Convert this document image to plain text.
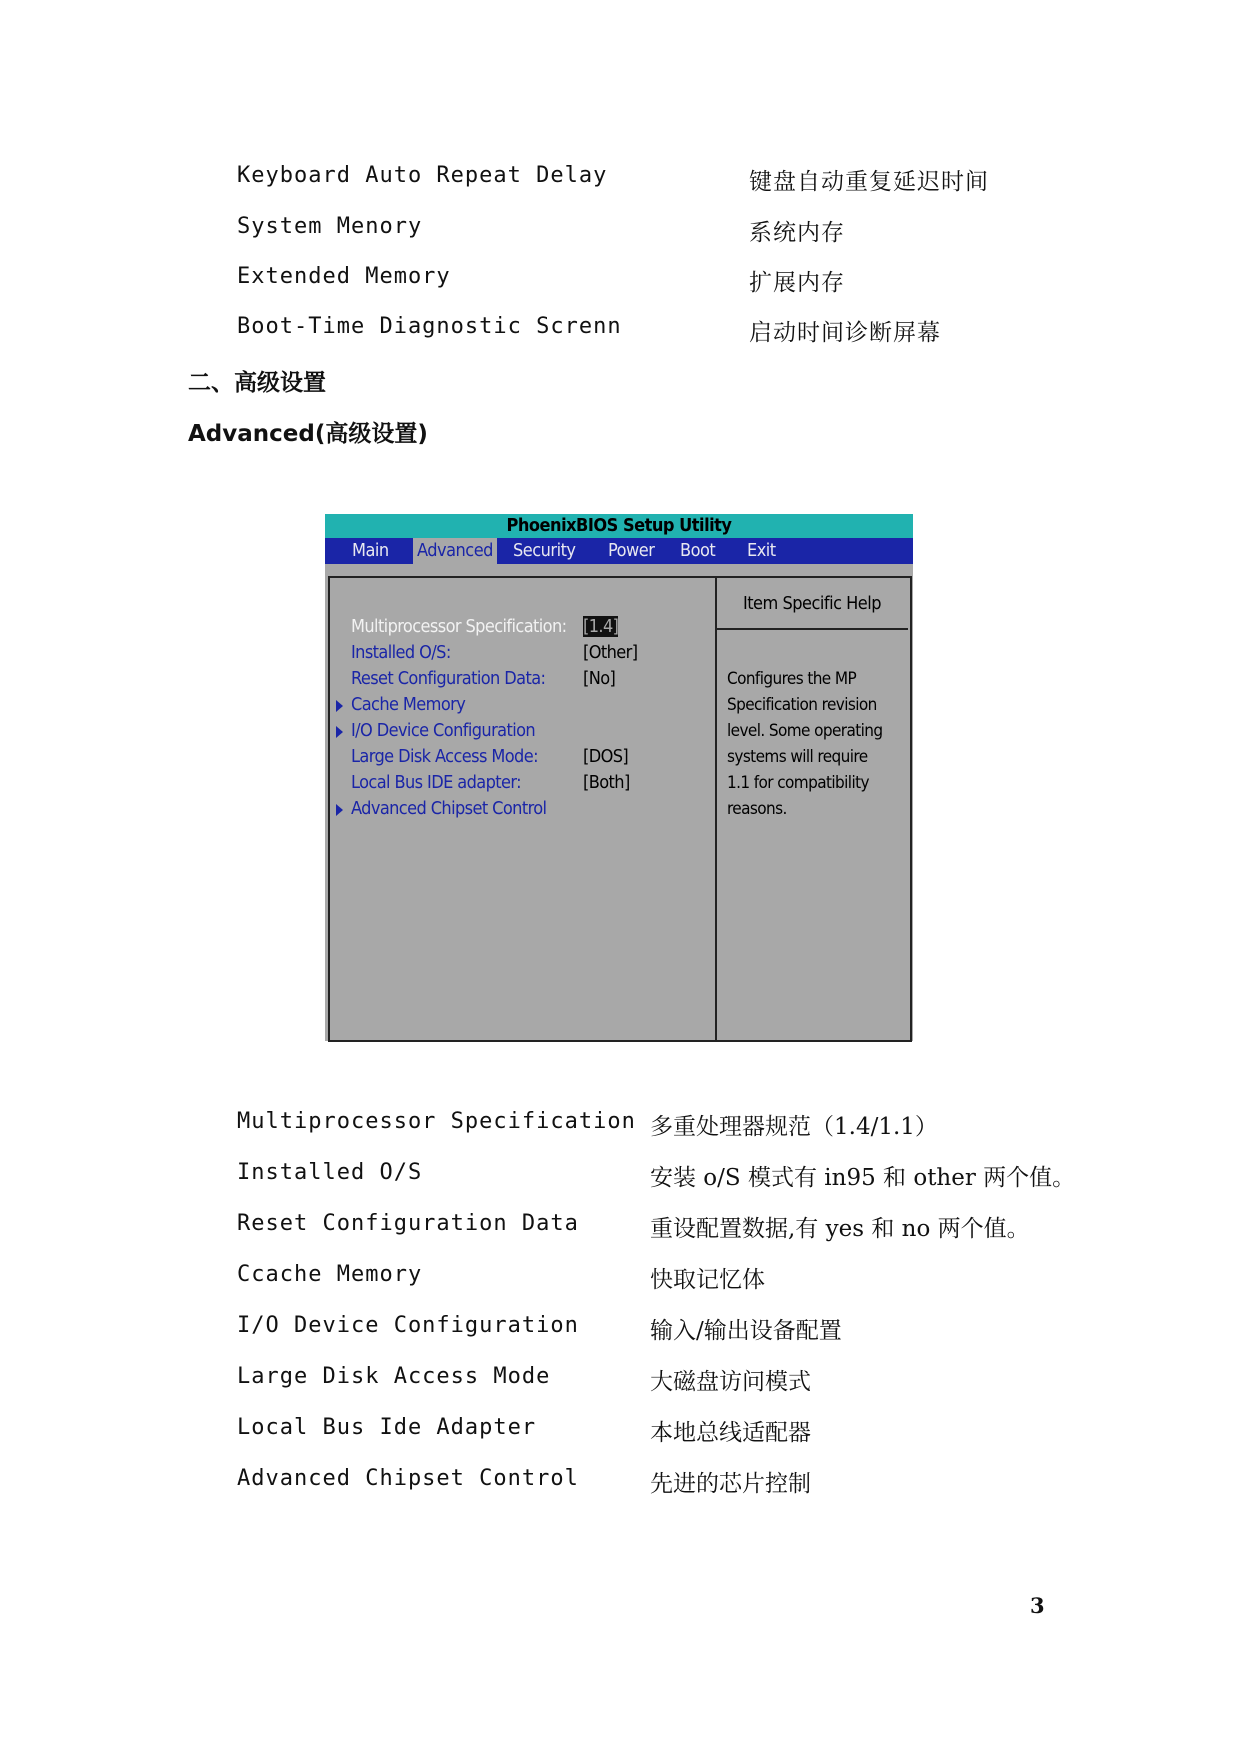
Keyboard Auto Repeat Delay	键盘自动重复延迟时间
System Menory	系统内存
Extended Memory	扩展内存
Boot-Time Diagnostic Screnn	启动时间诊断屏幕
二、高级设置
Advanced(高级设置)
PhoenixBIOS Setup Utility
Main Advanced Security Power Boot Exit
Item Specific Help
Configures the MP
Specification revision
level. Some operating
systems will require
1.1 for compatibility
reasons.
Multiprocessor Specification: [1.4]
Installed O/S:	[Other]
Reset Configuration Data: [No]
Cache Memory
I/O Device Configuration
Large Disk Access Mode:	[DOS]
Local Bus IDE adapter:	[Both]
Advanced Chipset Control
Multiprocessor Specification 多重处理器规范（1.4/1.1）
Installed O/S	安装 o/S 模式有 in95 和 other 两个值。
Reset Configuration Data	重设配置数据,有 yes 和 no 两个值。
Ccache Memory	快取记忆体
I/O Device Configuration	输入/输出设备配置
Large Disk Access Mode	大磁盘访问模式
Local Bus Ide Adapter	本地总线适配器
Advanced Chipset Control	先进的芯片控制
3
